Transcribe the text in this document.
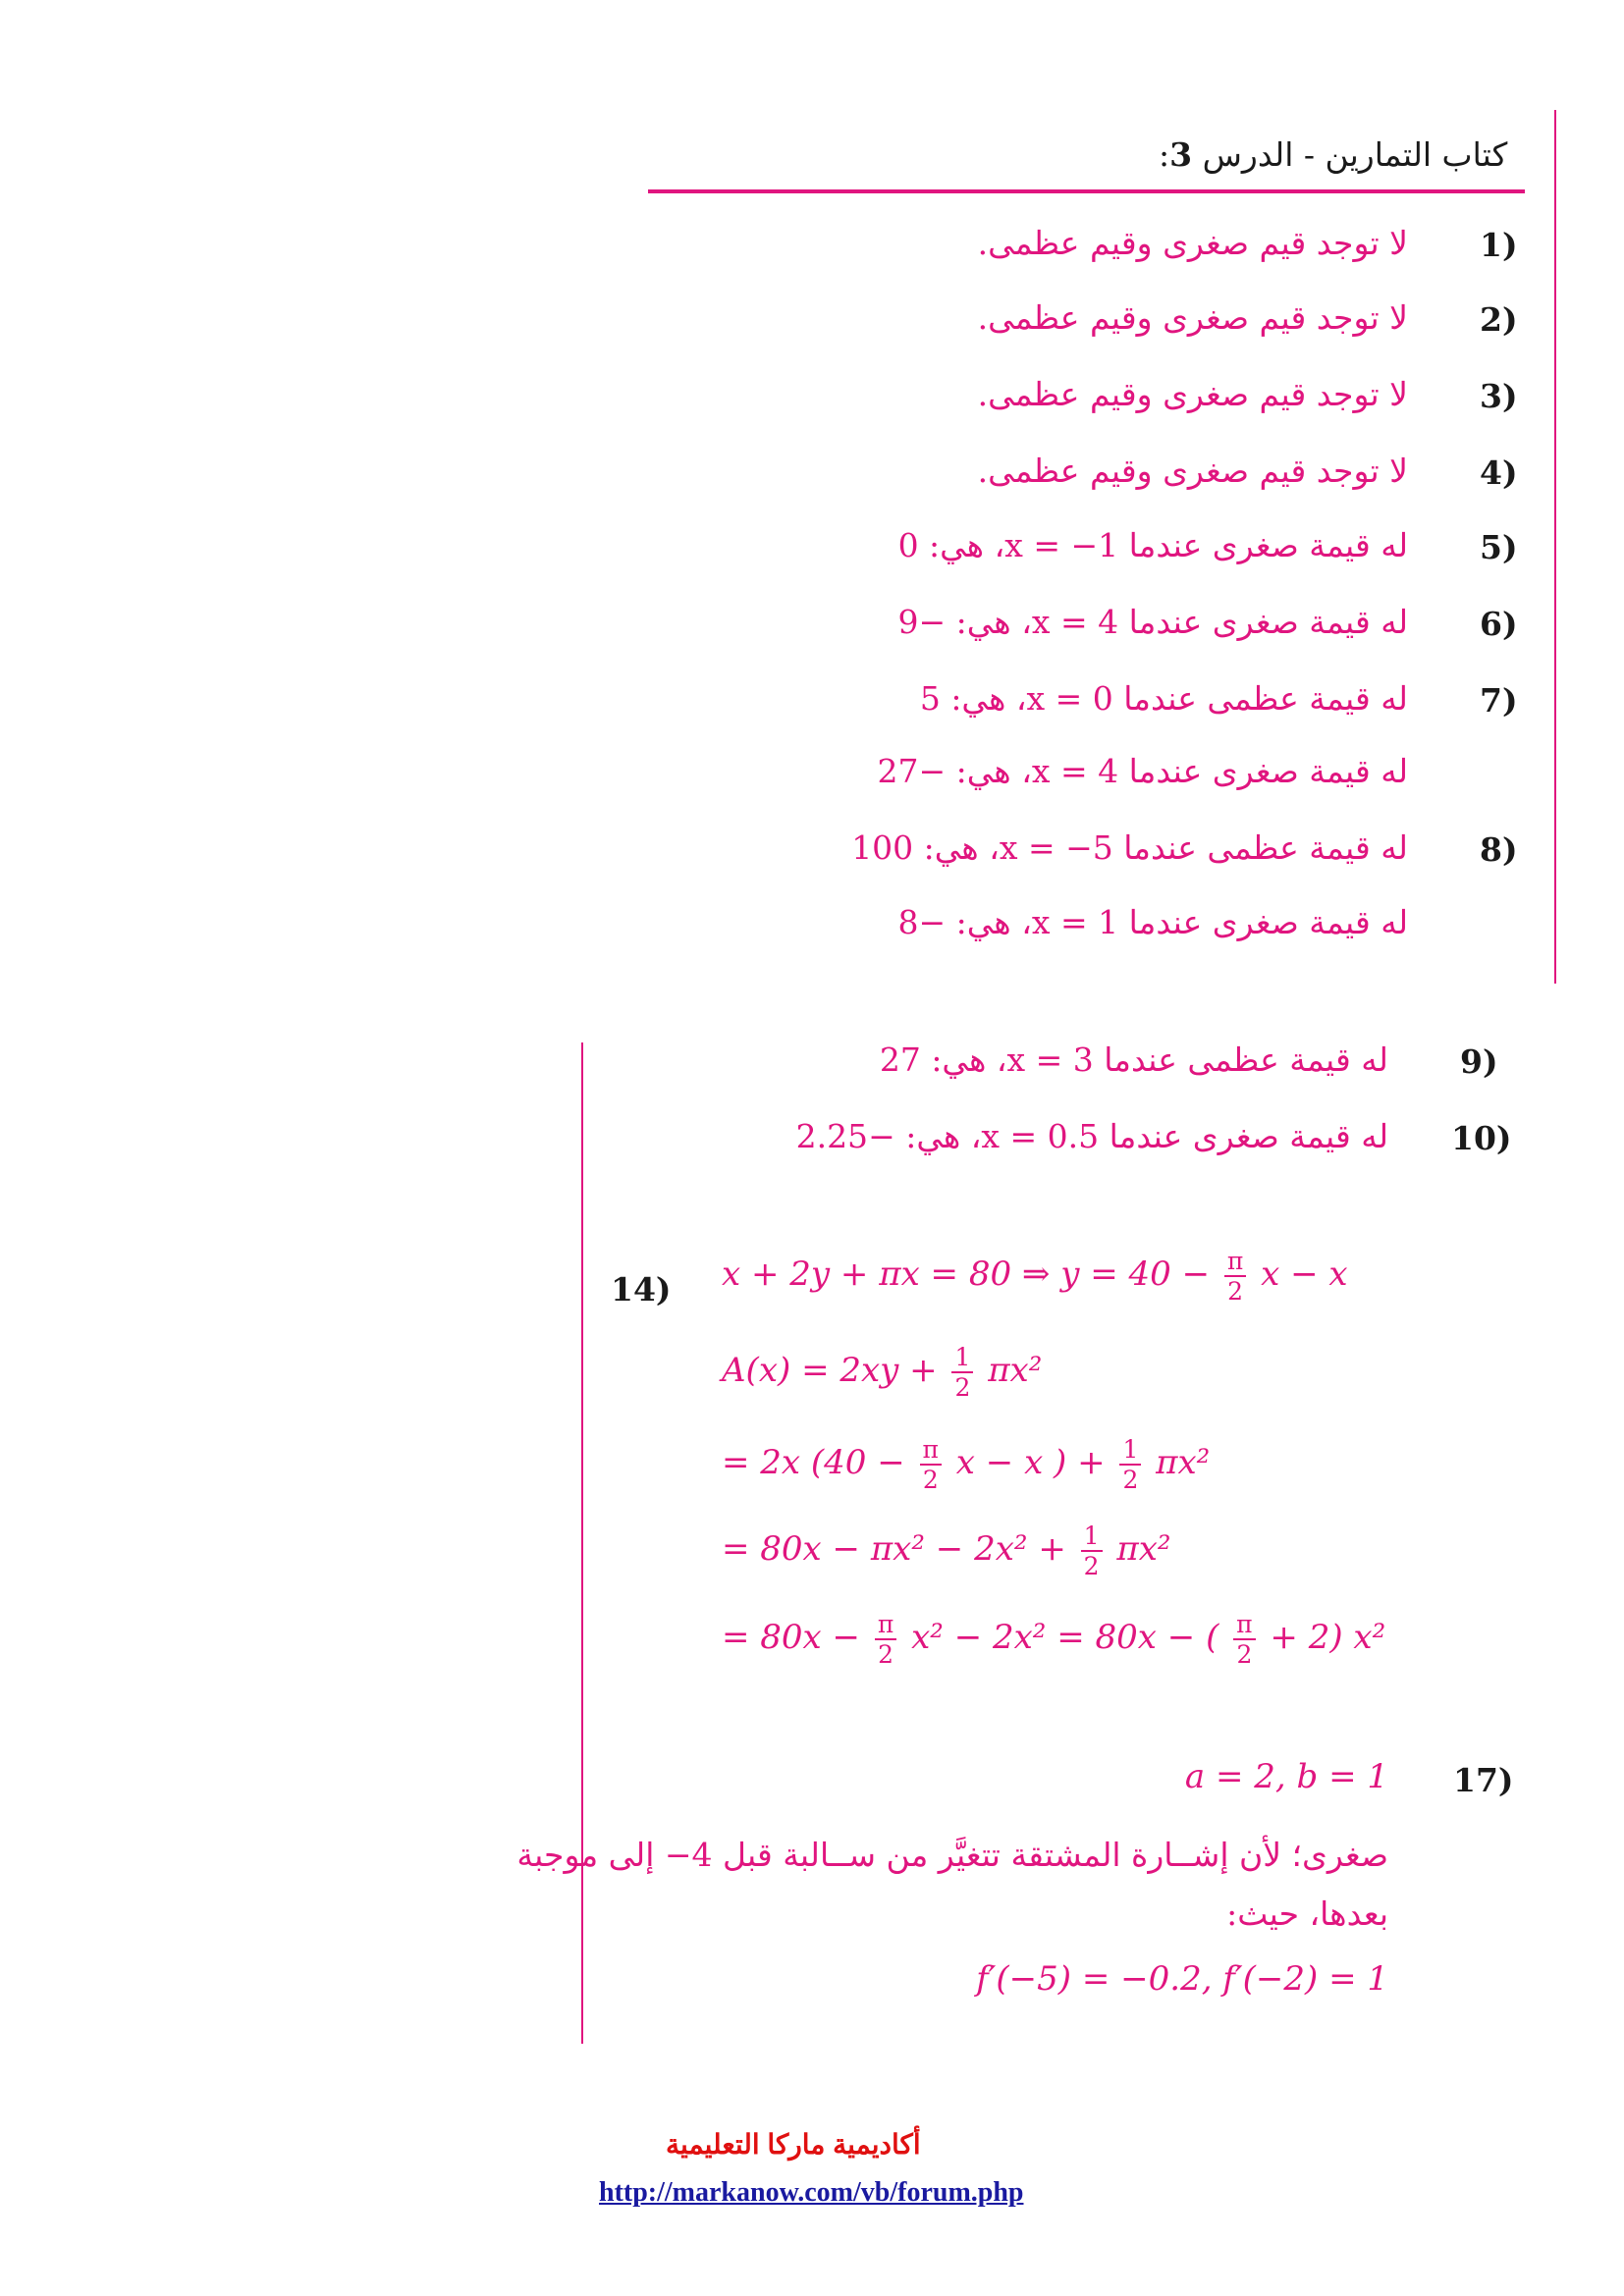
كتاب التمارين - الدرس 3:
1)
لا توجد قيم صغرى وقيم عظمى.
2)
لا توجد قيم صغرى وقيم عظمى.
3)
لا توجد قيم صغرى وقيم عظمى.
4)
لا توجد قيم صغرى وقيم عظمى.
5)
له قيمة صغرى عندما x = −1، هي: 0
6)
له قيمة صغرى عندما x = 4، هي: −9
7)
له قيمة عظمى عندما x = 0، هي: 5
له قيمة صغرى عندما x = 4، هي: −27
8)
له قيمة عظمى عندما x = −5، هي: 100
له قيمة صغرى عندما x = 1، هي: −8
9)
له قيمة عظمى عندما x = 3، هي: 27
10)
له قيمة صغرى عندما x = 0.5، هي: −2.25
14) x + 2y + πx = 80 ⇒ $y = 40 - \frac{\pi}{2}$ x − x
$A(x) = 2xy + \frac{1}{2} \pi x^2$
= 2x ($40 - \frac{\pi}{2}$ x − x ) + $\frac{1}{2} \pi x^2$
= $80x - \pi x^2 - 2x^2 + \frac{1}{2} \pi x^2$
= $80x - \frac{\pi}{2} x^2 - 2x^2 = 80x$ − ( $\frac{\pi}{2} + 2$) x²
17)
a = 2, b = 1
صغرى؛ لأن إشــارة المشتقة تتغيَّر من ســالبة قبل 4− إلى موجبة
بعدها، حيث:
f′(−5) = −0.2, f′(−2) = 1
أكاديمية ماركا التعليمية
http://markanow.com/vb/forum.php
